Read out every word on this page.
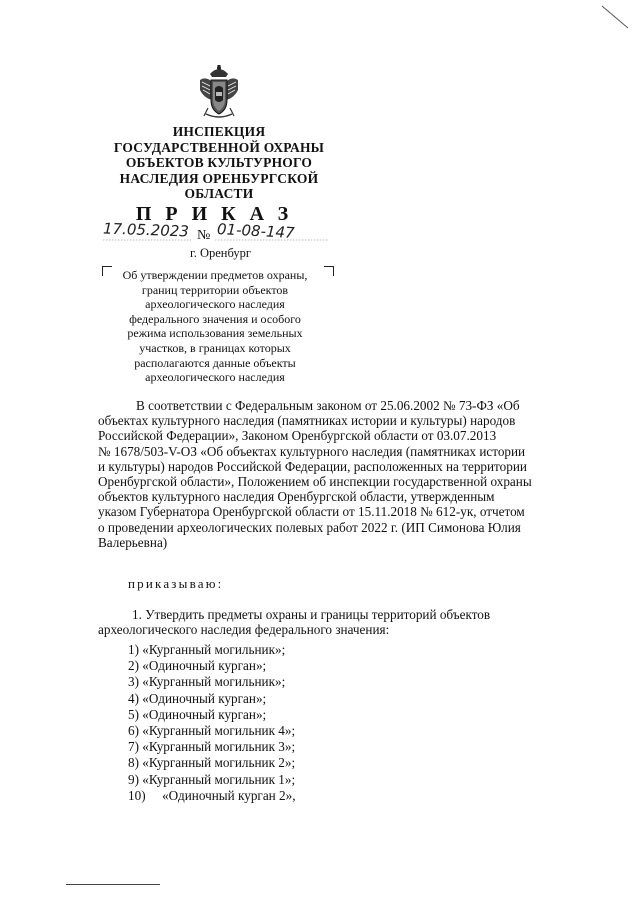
ИНСПЕКЦИЯ
ГОСУДАРСТВЕННОЙ ОХРАНЫ
ОБЪЕКТОВ КУЛЬТУРНОГО
НАСЛЕДИЯ ОРЕНБУРГСКОЙ
ОБЛАСТИ
ПРИКАЗ
17.05.2023 № 01-08-147
г. Оренбург
Об утверждении предметов охраны,
границ территории объектов
археологического наследия
федерального значения и особого
режима использования земельных
участков, в границах которых
располагаются данные объекты
археологического наследия
В соответствии с Федеральным законом от 25.06.2002 № 73-ФЗ «Об
объектах культурного наследия (памятниках истории и культуры) народов
Российской Федерации», Законом Оренбургской области от 03.07.2013
№ 1678/503-V-ОЗ «Об объектах культурного наследия (памятниках истории
и культуры) народов Российской Федерации, расположенных на территории
Оренбургской области», Положением об инспекции государственной охраны
объектов культурного наследия Оренбургской области, утвержденным
указом Губернатора Оренбургской области от 15.11.2018 № 612-ук, отчетом
о проведении археологических полевых работ 2022 г. (ИП Симонова Юлия
Валерьевна)
приказываю:
1. Утвердить предметы охраны и границы территорий объектов
археологического наследия федерального значения:
1) «Курганный могильник»;
2) «Одиночный курган»;
3) «Курганный могильник»;
4) «Одиночный курган»;
5) «Одиночный курган»;
6) «Курганный могильник 4»;
7) «Курганный могильник 3»;
8) «Курганный могильник 2»;
9) «Курганный могильник 1»;
10) «Одиночный курган 2»,
